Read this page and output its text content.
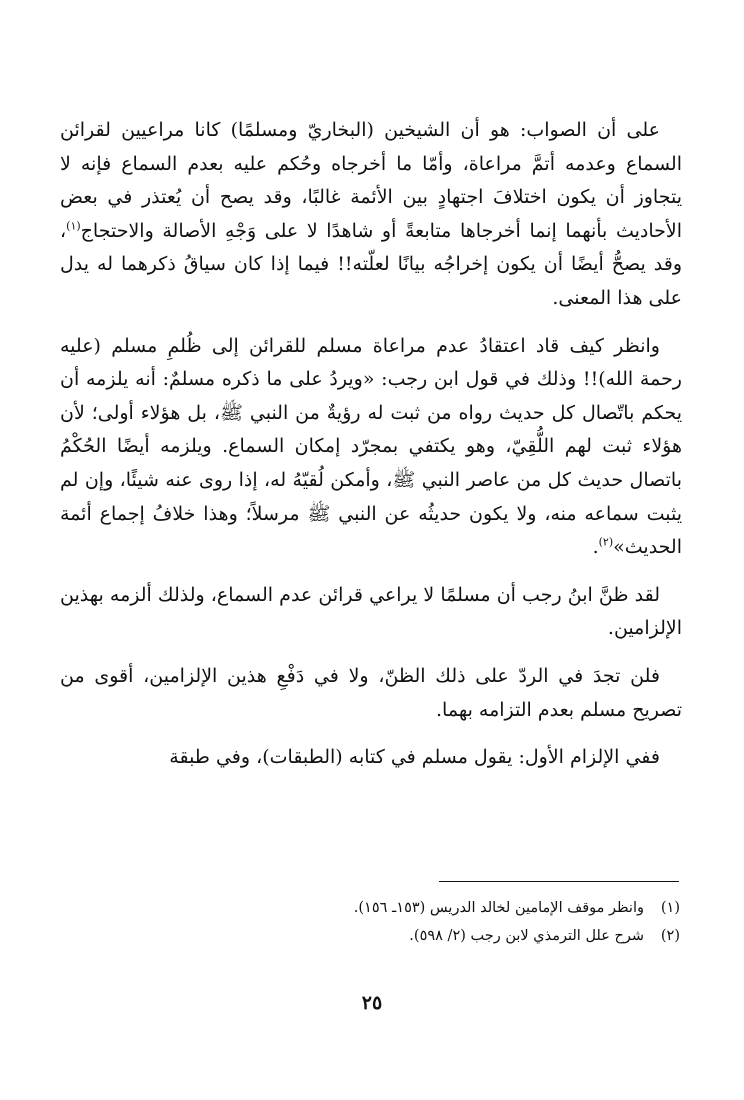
على أن الصواب: هو أن الشيخين (البخاريّ ومسلمًا) كانا مراعيين لقرائن السماع وعدمه أتمَّ مراعاة، وأمّا ما أخرجاه وحُكم عليه بعدم السماع فإنه لا يتجاوز أن يكون اختلافَ اجتهادٍ بين الأئمة غالبًا، وقد يصح أن يُعتذر في بعض الأحاديث بأنهما إنما أخرجاها متابعةً أو شاهدًا لا على وَجْهِ الأصالة والاحتجاج$^{(١)}$، وقد يصحُّ أيضًا أن يكون إخراجُه بيانًا لعلّته!! فيما إذا كان سياقُ ذكرهما له يدل على هذا المعنى.

وانظر كيف قاد اعتقادُ عدم مراعاة مسلم للقرائن إلى ظُلمِ مسلم (عليه رحمة الله)!! وذلك في قول ابن رجب: «ويردُ على ما ذكره مسلمٌ: أنه يلزمه أن يحكم باتّصال كل حديث رواه من ثبت له رؤيةٌ من النبي ﷺ، بل هؤلاء أولى؛ لأن هؤلاء ثبت لهم اللُّقِيّ، وهو يكتفي بمجرّد إمكان السماع. ويلزمه أيضًا الحُكْمُ باتصال حديث كل من عاصر النبي ﷺ، وأمكن لُقيّهُ له، إذا روى عنه شيئًا، وإن لم يثبت سماعه منه، ولا يكون حديثُه عن النبي ﷺ مرسلاً؛ وهذا خلافُ إجماع أئمة الحديث»$^{(٢)}$.

لقد ظنَّ ابنُ رجب أن مسلمًا لا يراعي قرائن عدم السماع، ولذلك ألزمه بهذين الإلزامين.

فلن تجدَ في الردّ على ذلك الظنّ، ولا في دَفْعِ هذين الإلزامين، أقوى من تصريح مسلم بعدم التزامه بهما.

ففي الإلزام الأول: يقول مسلم في كتابه (الطبقات)، وفي طبقة

(١)وانظر موقف الإمامين لخالد الدريس (١٥٣ـ ١٥٦).

(٢)شرح علل الترمذي لابن رجب (٢/ ٥٩٨).

٢٥
